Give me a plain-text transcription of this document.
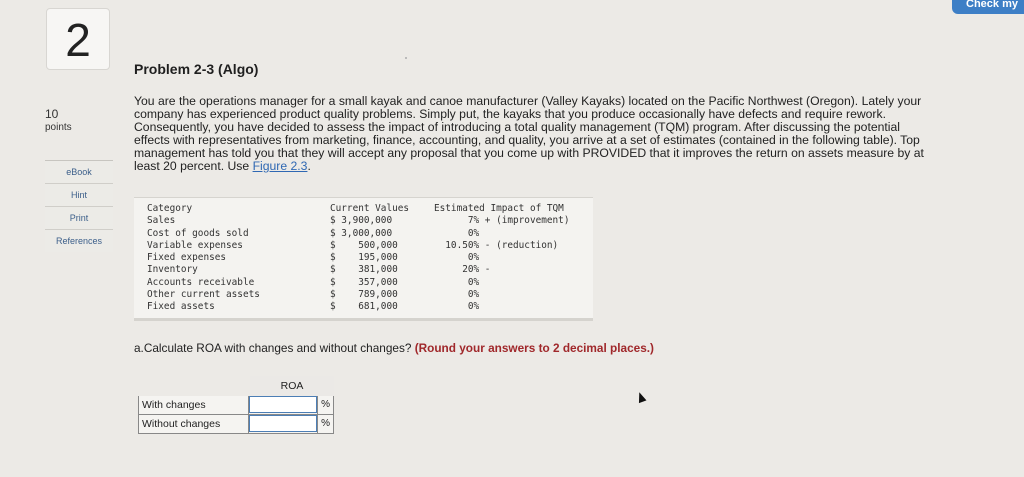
Check my
2
10
points
eBook
Hint
Print
References
Problem 2-3 (Algo)
You are the operations manager for a small kayak and canoe manufacturer (Valley Kayaks) located on the Pacific Northwest (Oregon). Lately your company has experienced product quality problems. Simply put, the kayaks that you produce occasionally have defects and require rework. Consequently, you have decided to assess the impact of introducing a total quality management (TQM) program. After discussing the potential effects with representatives from marketing, finance, accounting, and quality, you arrive at a set of estimates (contained in the following table). Top management has told you that they will accept any proposal that you come up with PROVIDED that it improves the return on assets measure by at least 20 percent. Use Figure 2.3.
Category
Sales
Cost of goods sold
Variable expenses
Fixed expenses
Inventory
Accounts receivable
Other current assets
Fixed assets
Current Values
$ 3,900,000
$ 3,000,000
$    500,000
$    195,000
$    381,000
$    357,000
$    789,000
$    681,000
Estimated Impact of TQM
7% + (improvement)
0%
10.50% - (reduction)
0%
20% -
0%
0%
0%
a.Calculate ROA with changes and without changes? (Round your answers to 2 decimal places.)
ROA
With changes	%
Without changes	%
